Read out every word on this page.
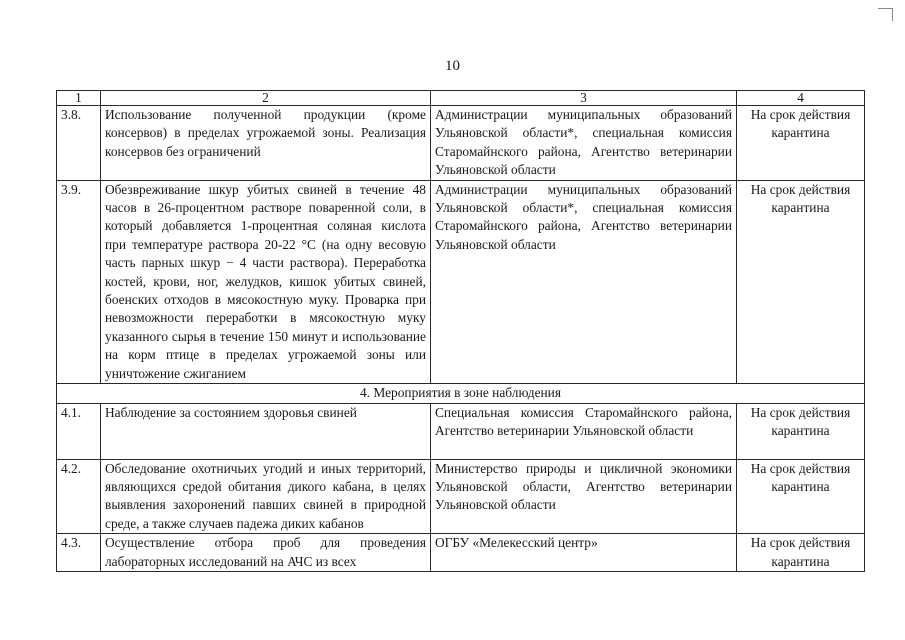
10
1	2	3	4
3.8.	Использование полученной продукции (кроме консервов) в пределах угрожаемой зоны. Реализация консервов без ограничений	Администрации муниципальных образований Ульяновской области*, специальная комиссия Старомайнского района, Агентство ветеринарии Ульяновской области	На срок действия карантина
3.9.	Обезвреживание шкур убитых свиней в течение 48 часов в 26-процентном растворе поваренной соли, в который добавляется 1-процентная соляная кислота при температуре раствора 20-22 °С (на одну весовую часть парных шкур − 4 части раствора). Переработка костей, крови, ног, желудков, кишок убитых свиней, боенских отходов в мясокостную муку. Проварка при невозможности переработки в мясокостную муку указанного сырья в течение 150 минут и использование на корм птице в пределах угрожаемой зоны или уничтожение сжиганием	Администрации муниципальных образований Ульяновской области*, специальная комиссия Старомайнского района, Агентство ветеринарии Ульяновской области	На срок действия карантина
4. Мероприятия в зоне наблюдения			
4.1.	Наблюдение за состоянием здоровья свиней	Специальная комиссия Старомайнского района, Агентство ветеринарии Ульяновской области	На срок действия карантина
4.2.	Обследование охотничьих угодий и иных территорий, являющихся средой обитания дикого кабана, в целях выявления захоронений павших свиней в природной среде, а также случаев падежа диких кабанов	Министерство природы и цикличной экономики Ульяновской области, Агентство ветеринарии Ульяновской области	На срок действия карантина
4.3.	Осуществление отбора проб для проведения лабораторных исследований на АЧС из всех	ОГБУ «Мелекесский центр»	На срок действия карантина
